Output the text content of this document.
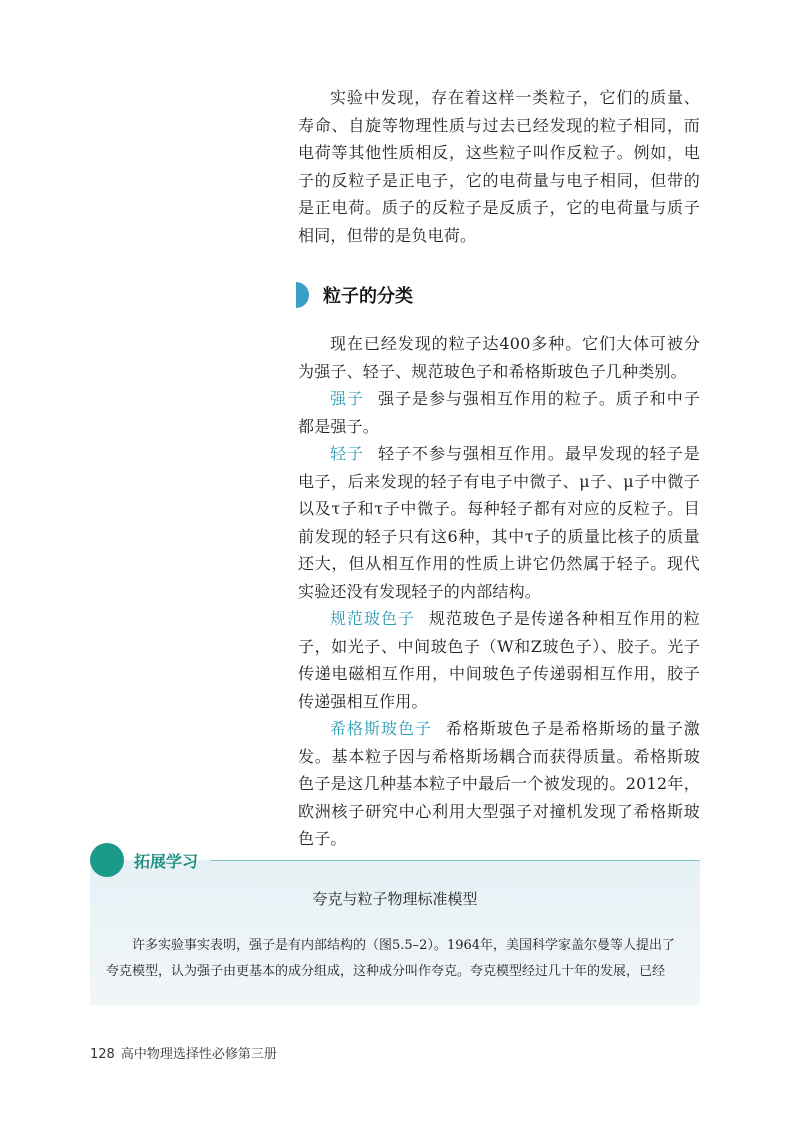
实验中发现，存在着这样一类粒子，它们的质量、寿命、自旋等物理性质与过去已经发现的粒子相同，而电荷等其他性质相反，这些粒子叫作反粒子。例如，电子的反粒子是正电子，它的电荷量与电子相同，但带的是正电荷。质子的反粒子是反质子，它的电荷量与质子相同，但带的是负电荷。

粒子的分类

现在已经发现的粒子达400多种。它们大体可被分为强子、轻子、规范玻色子和希格斯玻色子几种类别。

强子 强子是参与强相互作用的粒子。质子和中子都是强子。

轻子 轻子不参与强相互作用。最早发现的轻子是电子，后来发现的轻子有电子中微子、μ子、μ子中微子以及τ子和τ子中微子。每种轻子都有对应的反粒子。目前发现的轻子只有这6种，其中τ子的质量比核子的质量还大，但从相互作用的性质上讲它仍然属于轻子。现代实验还没有发现轻子的内部结构。

规范玻色子 规范玻色子是传递各种相互作用的粒子，如光子、中间玻色子（W和Z玻色子）、胶子。光子传递电磁相互作用，中间玻色子传递弱相互作用，胶子传递强相互作用。

希格斯玻色子 希格斯玻色子是希格斯场的量子激发。基本粒子因与希格斯场耦合而获得质量。希格斯玻色子是这几种基本粒子中最后一个被发现的。2012年，欧洲核子研究中心利用大型强子对撞机发现了希格斯玻色子。

拓展学习

夸克与粒子物理标准模型

许多实验事实表明，强子是有内部结构的（图5.5–2）。1964年，美国科学家盖尔曼等人提出了
夸克模型，认为强子由更基本的成分组成，这种成分叫作夸克。夸克模型经过几十年的发展，已经

128 高中物理选择性必修第三册
